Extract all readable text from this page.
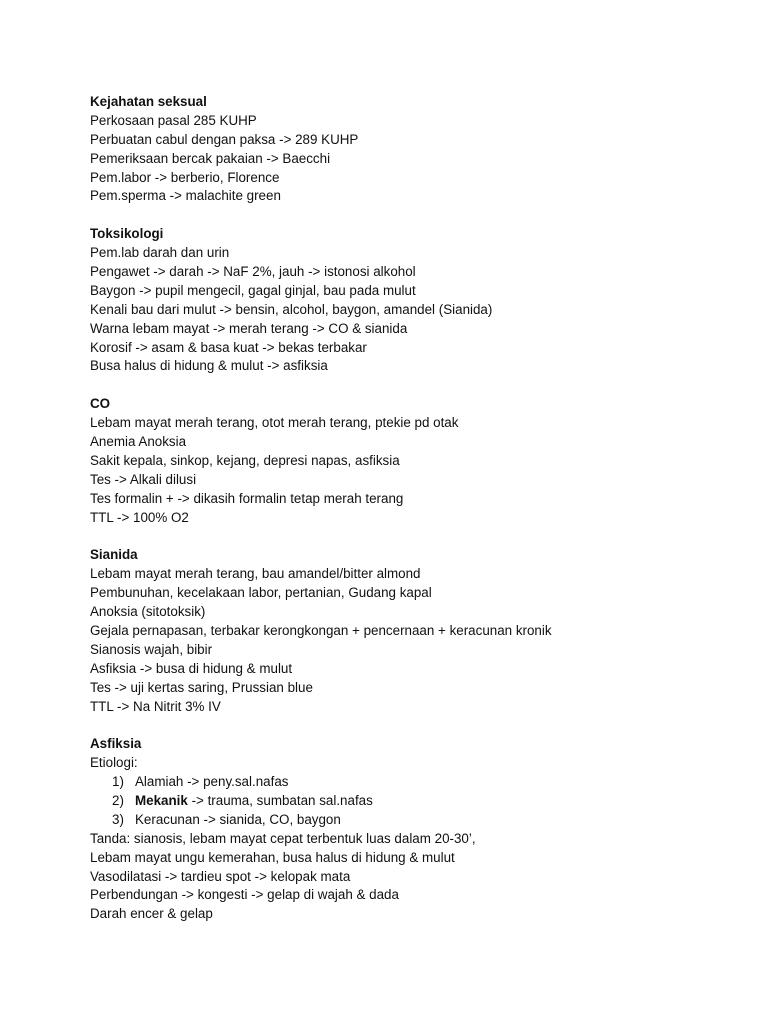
Kejahatan seksual
Perkosaan pasal 285 KUHP
Perbuatan cabul dengan paksa -> 289 KUHP
Pemeriksaan bercak pakaian -> Baecchi
Pem.labor -> berberio, Florence
Pem.sperma -> malachite green
Toksikologi
Pem.lab darah dan urin
Pengawet -> darah -> NaF 2%, jauh -> istonosi alkohol
Baygon -> pupil mengecil, gagal ginjal, bau pada mulut
Kenali bau dari mulut -> bensin, alcohol, baygon, amandel (Sianida)
Warna lebam mayat -> merah terang -> CO & sianida
Korosif -> asam & basa kuat -> bekas terbakar
Busa halus di hidung & mulut -> asfiksia
CO
Lebam mayat merah terang, otot merah terang, ptekie pd otak
Anemia Anoksia
Sakit kepala, sinkop, kejang, depresi napas, asfiksia
Tes -> Alkali dilusi
Tes formalin + -> dikasih formalin tetap merah terang
TTL -> 100% O2
Sianida
Lebam mayat merah terang, bau amandel/bitter almond
Pembunuhan, kecelakaan labor, pertanian, Gudang kapal
Anoksia (sitotoksik)
Gejala pernapasan, terbakar kerongkongan + pencernaan + keracunan kronik
Sianosis wajah, bibir
Asfiksia -> busa di hidung & mulut
Tes -> uji kertas saring, Prussian blue
TTL -> Na Nitrit 3% IV
Asfiksia
Etiologi:
1) Alamiah -> peny.sal.nafas
2) Mekanik -> trauma, sumbatan sal.nafas
3) Keracunan -> sianida, CO, baygon
Tanda: sianosis, lebam mayat cepat terbentuk luas dalam 20-30’,
Lebam mayat ungu kemerahan, busa halus di hidung & mulut
Vasodilatasi -> tardieu spot -> kelopak mata
Perbendungan -> kongesti -> gelap di wajah & dada
Darah encer & gelap
